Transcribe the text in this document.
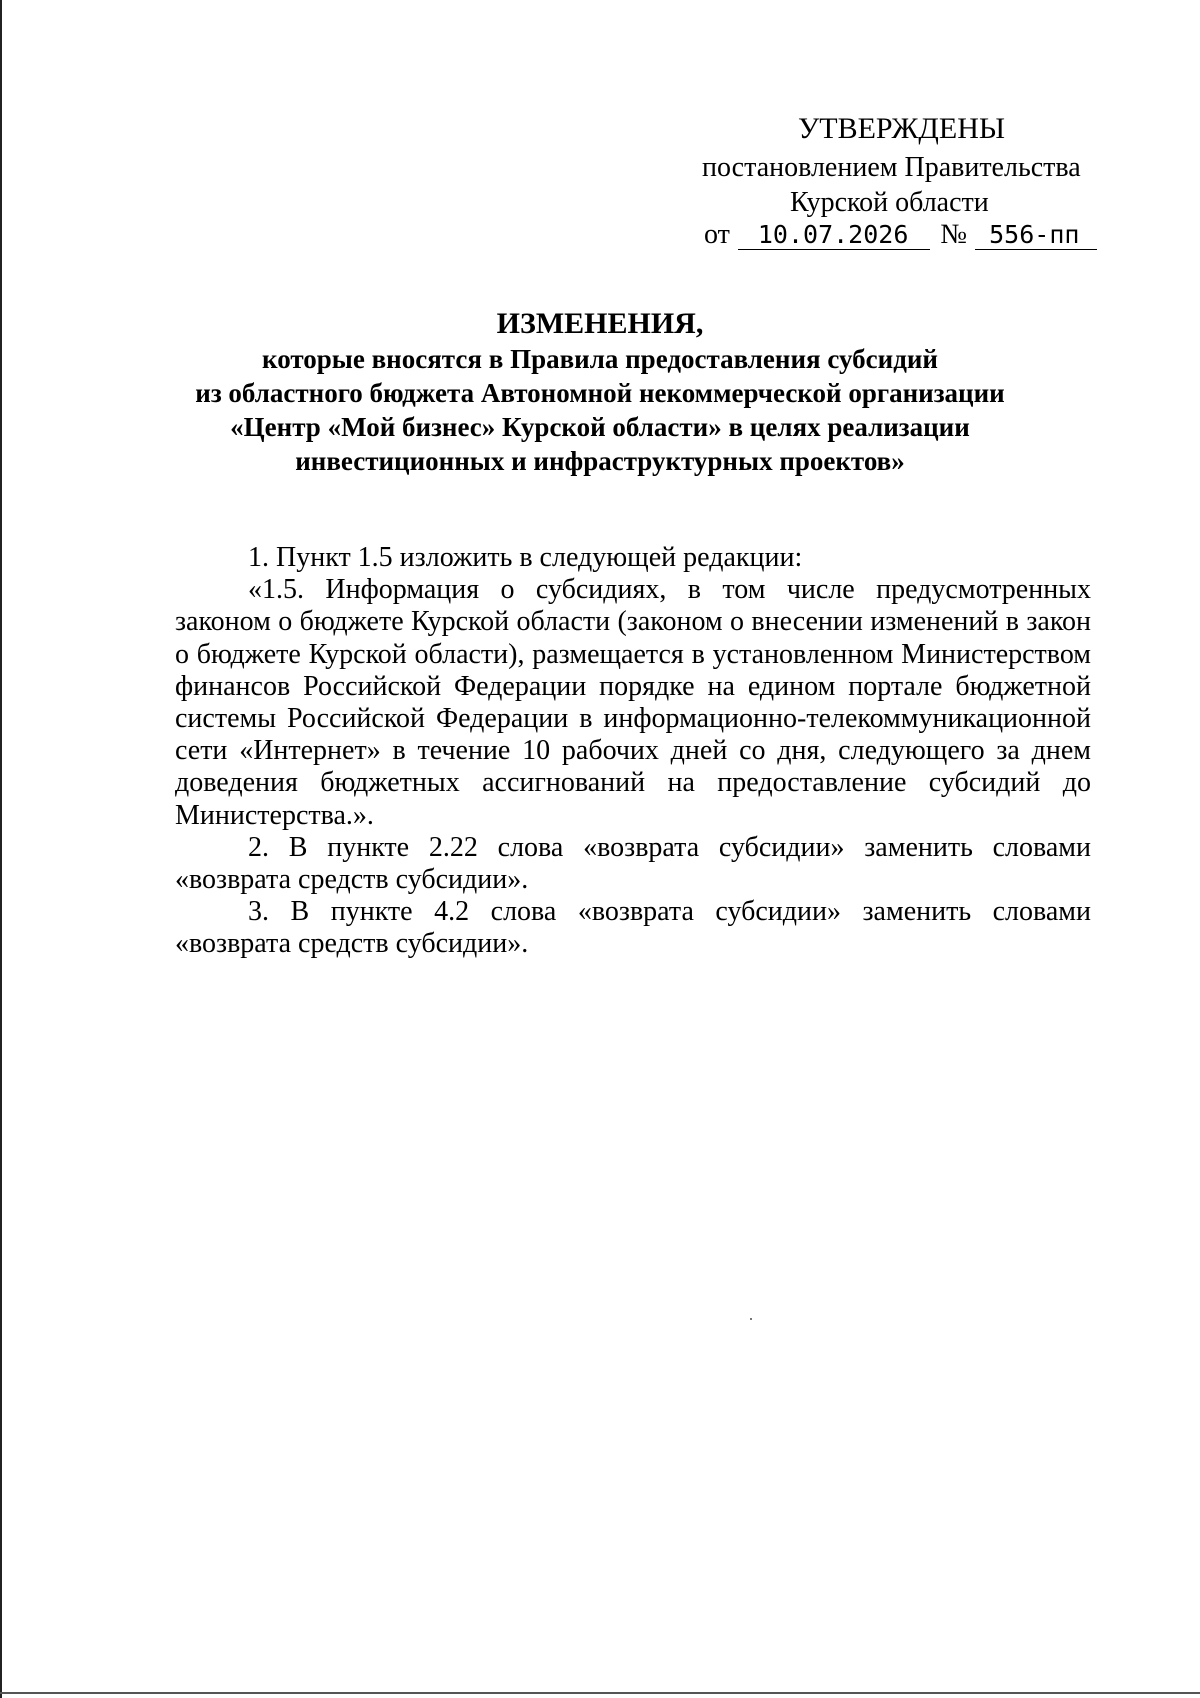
УТВЕРЖДЕНЫ
постановлением Правительства
Курской области
от	10.07.2026	№ 556-пп
ИЗМЕНЕНИЯ,
которые вносятся в Правила предоставления субсидий
из областного бюджета Автономной некоммерческой организации
«Центр «Мой бизнес» Курской области» в целях реализации
инвестиционных и инфраструктурных проектов»

1. Пункт 1.5 изложить в следующей редакции:

«1.5. Информация о субсидиях, в том числе предусмотренных законом о бюджете Курской области (законом о внесении изменений в закон о бюджете Курской области), размещается в установленном Министерством финансов Российской Федерации порядке на едином портале бюджетной системы Российской Федерации в информационно-телекоммуникационной сети «Интернет» в течение 10 рабочих дней со дня, следующего за днем доведения бюджетных ассигнований на предоставление субсидий до Министерства.».

2. В пункте 2.22 слова «возврата субсидии» заменить словами «возврата средств субсидии».

3. В пункте 4.2 слова «возврата субсидии» заменить словами «возврата средств субсидии».
